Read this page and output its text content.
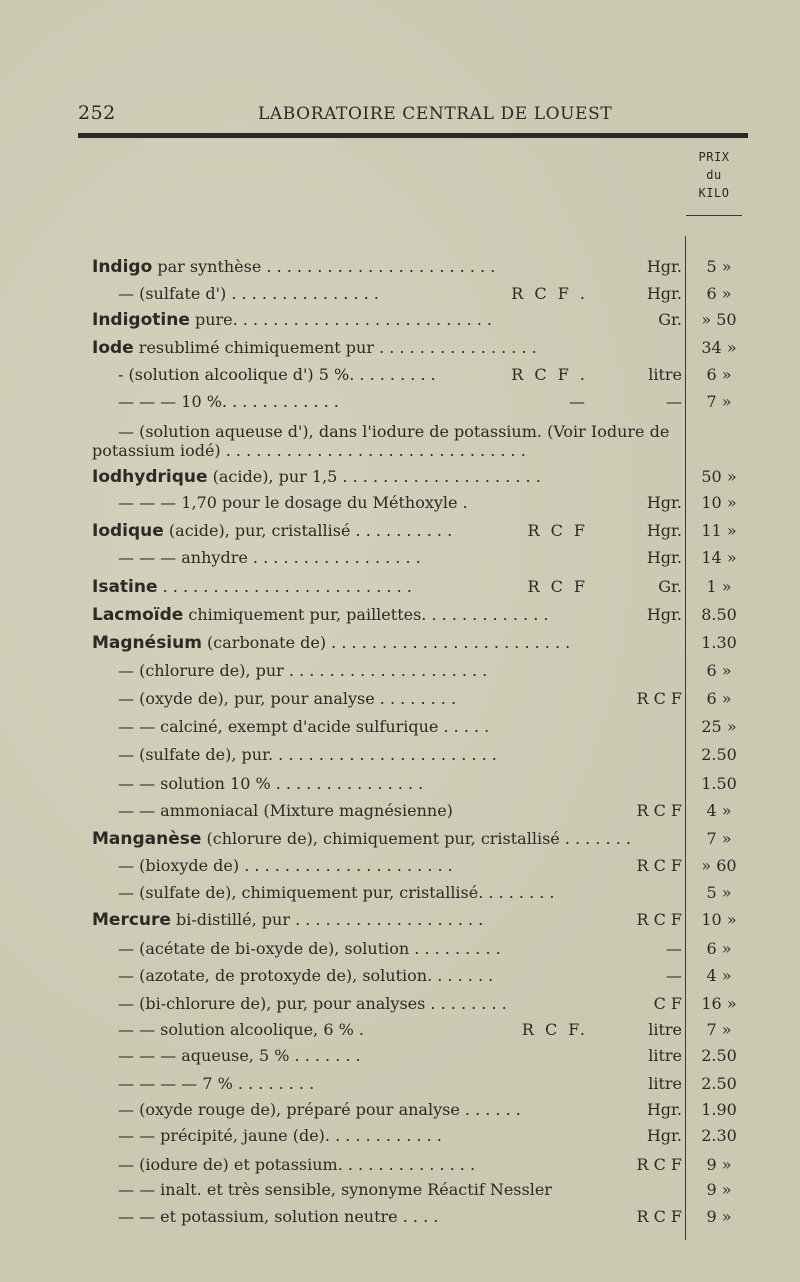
252	LABORATOIRE CENTRAL DE LOUEST
PRIX
du
KILO
Indigo par synthèse . . . . . . . . . . . . . . . . . . . . . . .	Hgr.	5 »
— (sulfate d') . . . . . . . . . . . . . . .	R C F .	Hgr.	6 »
Indigotine pure. . . . . . . . . . . . . . . . . . . . . . . . . .	Gr.	» 50
Iode resublimé chimiquement pur . . . . . . . . . . . . . . . .	34 »
- (solution alcoolique d') 5 %. . . . . . . . .	R C F .	litre	6 »
— — — 10 %. . . . . . . . . . . .	—	—	7 »
— (solution aqueuse d'), dans l'iodure de potassium. (Voir Iodure de
potassium iodé) . . . . . . . . . . . . . . . . . . . . . . . . . . . . . .
Iodhydrique (acide), pur 1,5 . . . . . . . . . . . . . . . . . . . .	50 »
— — — 1,70 pour le dosage du Méthoxyle .	Hgr.	10 »
Iodique (acide), pur, cristallisé . . . . . . . . . .	R C F	Hgr.	11 »
— — — anhydre . . . . . . . . . . . . . . . . .	Hgr.	14 »
Isatine . . . . . . . . . . . . . . . . . . . . . . . . .	R C F	Gr.	1 »
Lacmoïde chimiquement pur, paillettes. . . . . . . . . . . . .	Hgr.	8.50
Magnésium (carbonate de) . . . . . . . . . . . . . . . . . . . . . . . .	1.30
— (chlorure de), pur . . . . . . . . . . . . . . . . . . . .	6 »
— (oxyde de), pur, pour analyse . . . . . . . .	R C F	6 »
— — calciné, exempt d'acide sulfurique . . . . .	25 »
— (sulfate de), pur. . . . . . . . . . . . . . . . . . . . . . .	2.50
— — solution 10 % . . . . . . . . . . . . . . .	1.50
— — ammoniacal (Mixture magnésienne)	R C F	4 »
Manganèse (chlorure de), chimiquement pur, cristallisé . . . . . . .	7 »
— (bioxyde de) . . . . . . . . . . . . . . . . . . . . .	R C F	» 60
— (sulfate de), chimiquement pur, cristallisé. . . . . . . .	5 »
Mercure bi-distillé, pur . . . . . . . . . . . . . . . . . . .	R C F	10 »
— (acétate de bi-oxyde de), solution . . . . . . . . .	—	6 »
— (azotate, de protoxyde de), solution. . . . . . .	—	4 »
— (bi-chlorure de), pur, pour analyses . . . . . . . .	C F	16 »
— — solution alcoolique, 6 % .	R C F.	litre	7 »
— — — aqueuse, 5 % . . . . . . .	litre	2.50
— — — — 7 % . . . . . . . .	litre	2.50
— (oxyde rouge de), préparé pour analyse . . . . . .	Hgr.	1.90
— — précipité, jaune (de). . . . . . . . . . . .	Hgr.	2.30
— (iodure de) et potassium. . . . . . . . . . . . . .	R C F	9 »
— — inalt. et très sensible, synonyme Réactif Nessler	9 »
— — et potassium, solution neutre . . . .	R C F	9 »
